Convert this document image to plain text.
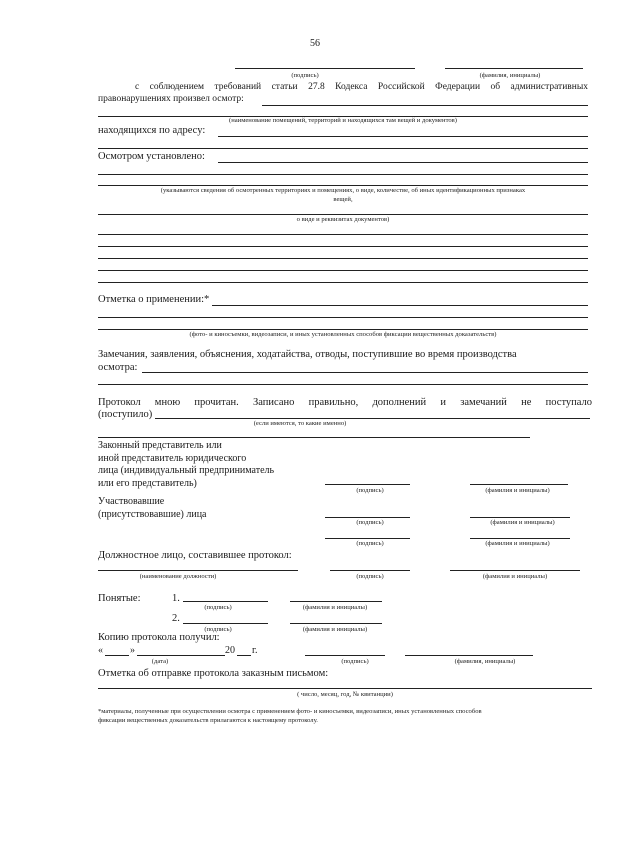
56
(подпись)	(фамилия, инициалы)
с соблюдением требований статьи 27.8 Кодекса Российской Федерации об административных
правонарушениях произвел осмотр:
(наименование помещений, территорий и находящихся там вещей и документов)
находящихся по адресу:
Осмотром установлено:
(указываются сведения об осмотренных территориях и помещениях, о виде, количестве, об иных идентификационных признаках
вещей,
о виде и реквизитах документов)
Отметка о применении:*
(фото- и киносъемки, видеозаписи, и иных установленных способов фиксации вещественных доказательств)
Замечания, заявления, объяснения, ходатайства, отводы, поступившие во время производства
осмотра:
Протокол мною прочитан. Записано правильно, дополнений и замечаний не поступало
(поступило)
(если имеются, то какие именно)
Законный представитель или
иной представитель юридического
лица (индивидуальный предприниматель
или его представитель)
(подпись)	(фамилия и инициалы)
Участвовавшие
(присутствовавшие) лица
(подпись)	(фамилия и инициалы)
(подпись)	(фамилия и инициалы)
Должностное лицо, составившее протокол:
(наименование должности)	(подпись)	(фамилия и инициалы)
Понятые:	1.
(подпись)	(фамилия и инициалы)
2.
(подпись)	(фамилия и инициалы)
Копию протокола получил:
«	»	20 г.
(дата)	(подпись)	(фамилия, инициалы)
Отметка об отправке протокола заказным письмом:
( число, месяц, год, № квитанции)
*материалы, полученные при осуществлении осмотра с применением фото- и киносъемки, видеозаписи, иных установленных способов
фиксации вещественных доказательств прилагаются к настоящему протоколу.
